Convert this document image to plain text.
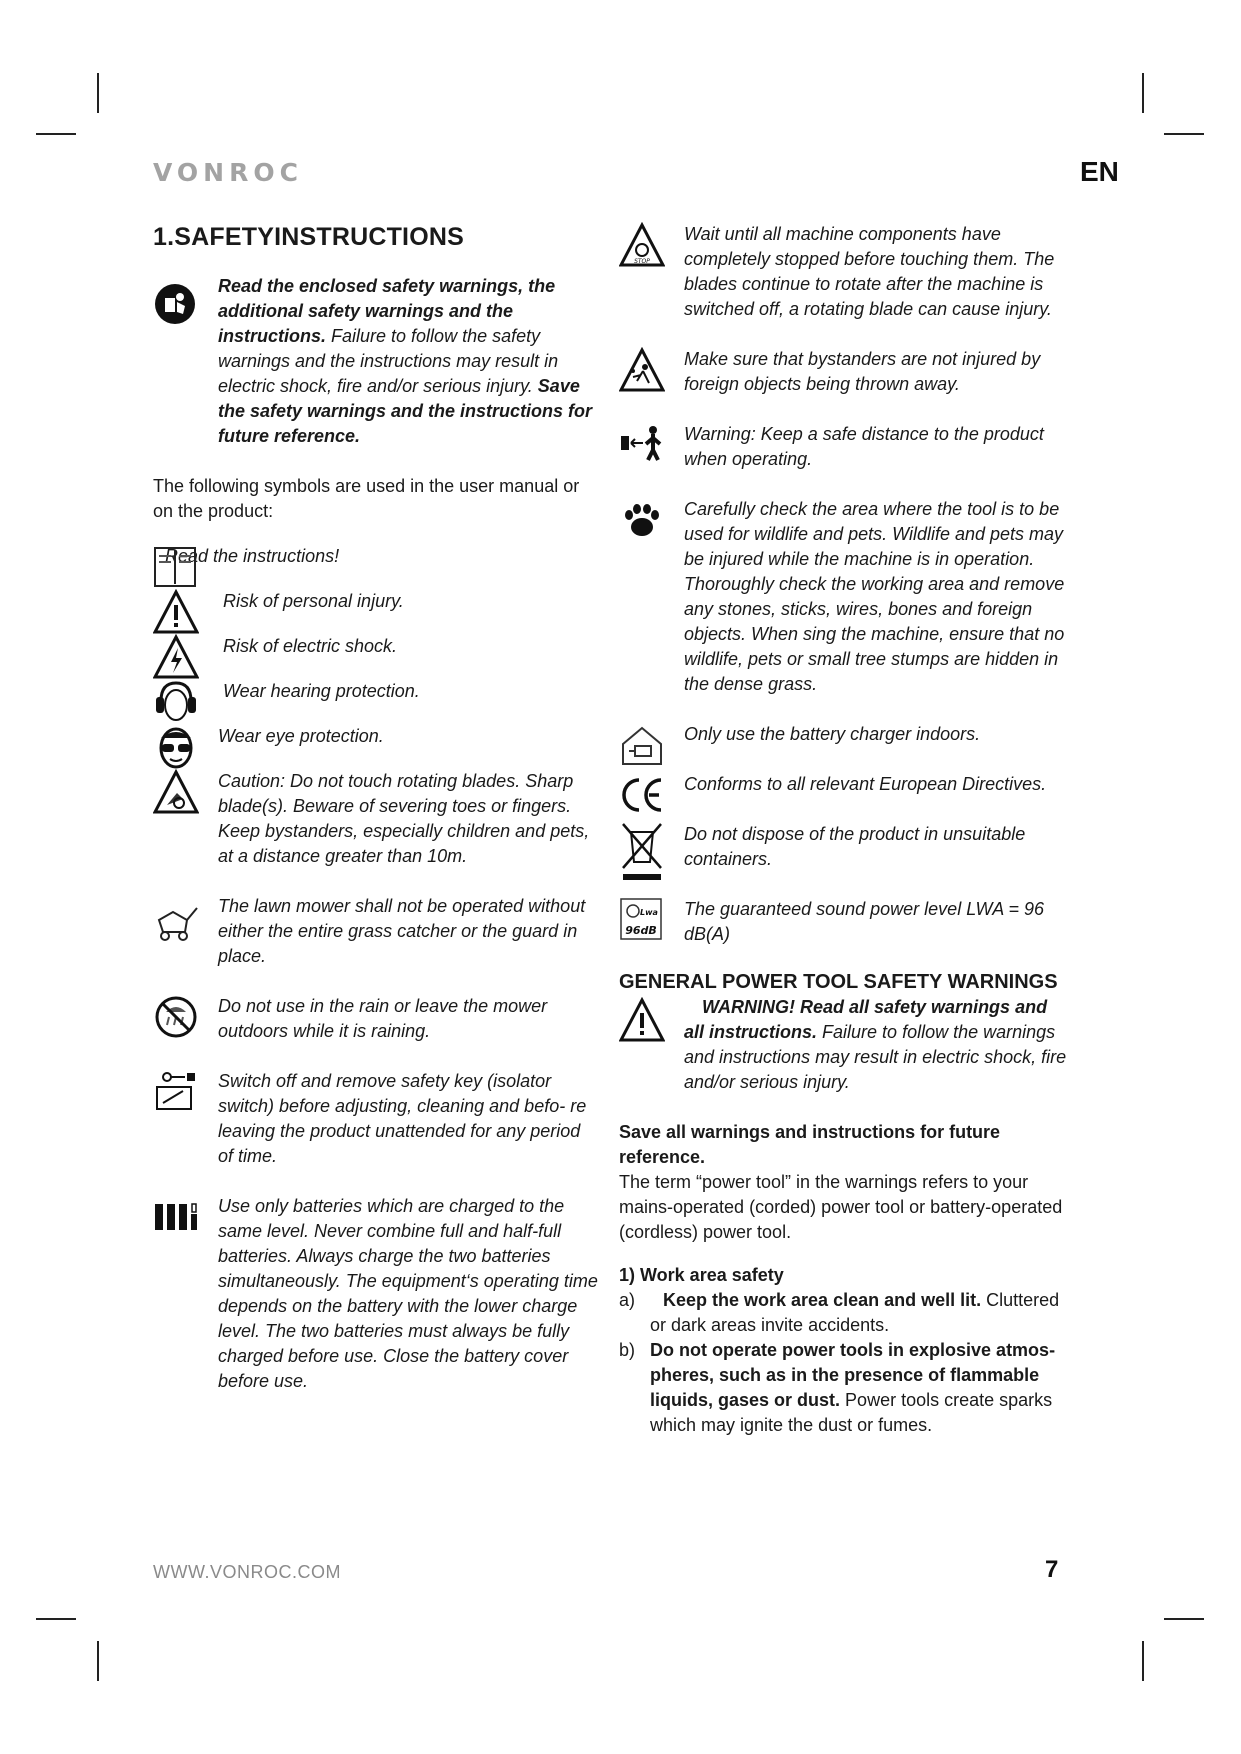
VONROC	EN
1.SAFETYINSTRUCTIONS
Read the enclosed safety warnings, the additional safety warnings and the instructions. Failure to follow the safety warnings and the instructions may result in electric shock, fire and/or serious injury. Save the safety warnings and the instructions for future reference.
The following symbols are used in the user manual or on the product:
Read the instructions!
Risk of personal injury.
Risk of electric shock.
Wear hearing protection.
Wear eye protection.
Caution: Do not touch rotating blades. Sharp blade(s). Beware of severing toes or fingers. Keep bystanders, especially children and pets, at a distance greater than 10m.
The lawn mower shall not be operated without either the entire grass catcher or the guard in place.
Do not use in the rain or leave the mower outdoors while it is raining.
Switch off and remove safety key (isolator switch) before adjusting, cleaning and befo- re leaving the product unattended for any period of time.
Use only batteries which are charged to the same level. Never combine full and half-full batteries. Always charge the two batteries simultaneously. The equipment‘s operating time depends on the battery with the lower charge level. The two batteries must always be fully charged before use. Close the battery cover before use.
STOP
Wait until all machine components have completely stopped before touching them. The blades continue to rotate after the machine is switched off, a rotating blade can cause injury.
Make sure that bystanders are not injured by foreign objects being thrown away.
Warning: Keep a safe distance to the product when operating.
Carefully check the area where the tool is to be used for wildlife and pets. Wildlife and pets may be injured while the machine is in operation. Thoroughly check the working area and remove any stones, sticks, wires, bones and foreign objects. When sing the machine, ensure that no wildlife, pets or small tree stumps are hidden in the dense grass.
Only use the battery charger indoors.
Conforms to all relevant European Directives.
Do not dispose of the product in unsuitable containers.
Lwa
96dB
The guaranteed sound power level LWA = 96 dB(A)
GENERAL POWER TOOL SAFETY WARNINGS
WARNING! Read all safety warnings and all instructions. Failure to follow the warnings and instructions may result in electric shock, fire and/or serious injury.
Save all warnings and instructions for future reference.
The term “power tool” in the warnings refers to your mains-operated (corded) power tool or battery-operated (cordless) power tool.
1) Work area safety
a) Keep the work area clean and well lit. Cluttered or dark areas invite accidents.
b) Do not operate power tools in explosive atmos- pheres, such as in the presence of flammable liquids, gases or dust. Power tools create sparks which may ignite the dust or fumes.
WWW.VONROC.COM	7
